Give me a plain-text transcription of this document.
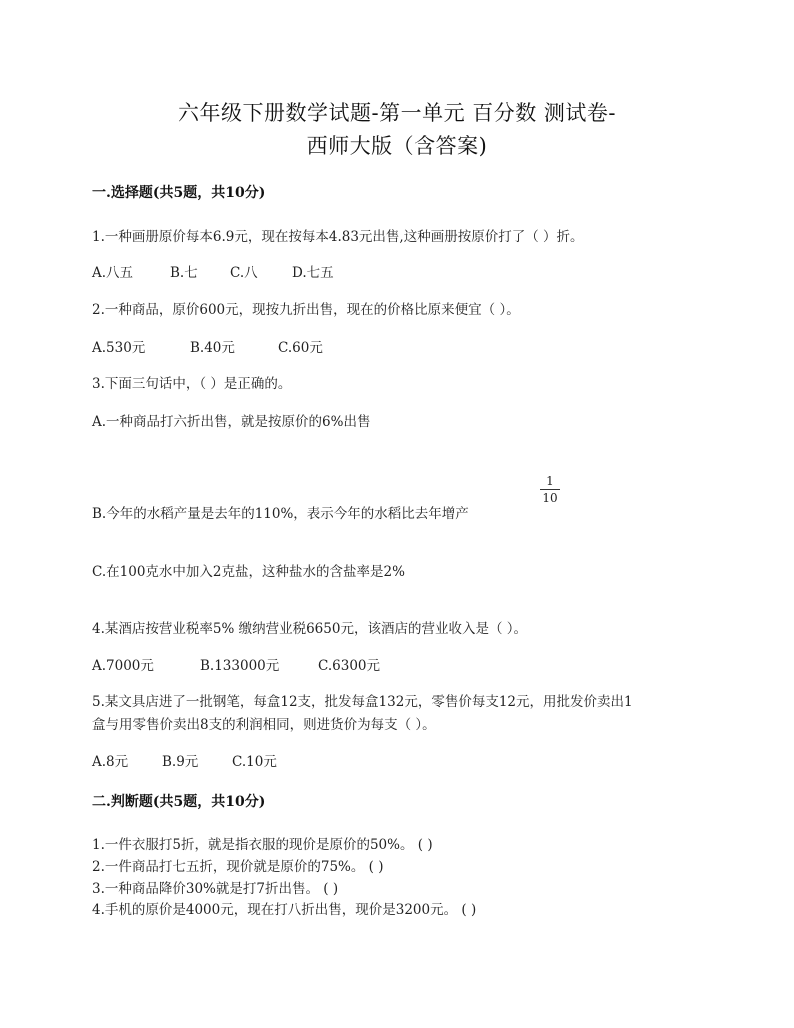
六年级下册数学试题-第一单元 百分数 测试卷-
西师大版（含答案)
一.选择题(共5题，共10分)
1.一种画册原价每本6.9元，现在按每本4.83元出售,这种画册按原价打了（ ）折。
A.八五	B.七 C.八	D.七五
2.一种商品，原价600元，现按九折出售，现在的价格比原来便宜（ ）。
A.530元	B.40元	C.60元
3.下面三句话中，（ ）是正确的。
A.一种商品打六折出售，就是按原价的6%出售
B.今年的水稻产量是去年的110%，表示今年的水稻比去年增产
1
10
C.在100克水中加入2克盐，这种盐水的含盐率是2%
4.某酒店按营业税率5% 缴纳营业税6650元，该酒店的营业收入是（ ）。
A.7000元	B.133000元	C.6300元
5.某文具店进了一批钢笔，每盒12支，批发每盒132元，零售价每支12元，用批发价卖出1
盒与用零售价卖出8支的利润相同，则进货价为每支（ ）。
A.8元	B.9元 C.10元
二.判断题(共5题，共10分)
1.一件衣服打5折，就是指衣服的现价是原价的50%。 ( )
2.一件商品打七五折，现价就是原价的75%。 ( )
3.一种商品降价30%就是打7折出售。 ( )
4.手机的原价是4000元，现在打八折出售，现价是3200元。 ( )
